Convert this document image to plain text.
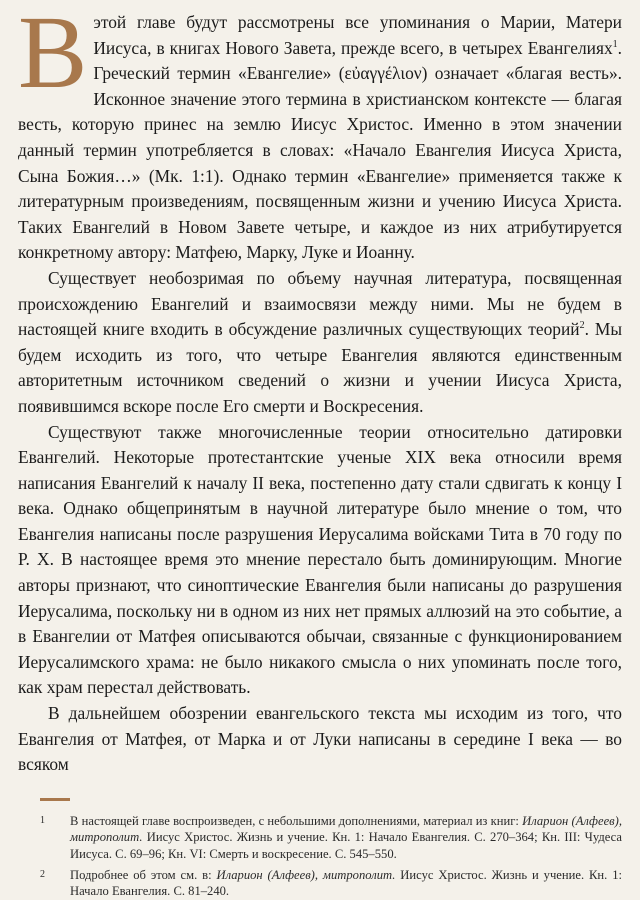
Вэтой главе будут рассмотрены все упоминания о Марии, Матери Иисуса, в книгах Нового Завета, прежде всего, в четырех Евангелиях$^1$. Греческий термин «Евангелие» (εὐαγγέλιον) означает «благая весть». Исконное значение этого термина в христианском контексте — благая весть, которую принес на землю Иисус Христос. Именно в этом значении данный термин употребляется в словах: «Начало Евангелия Иисуса Христа, Сына Божия…» (Мк. 1:1). Однако термин «Евангелие» применяется также к литературным произведениям, посвященным жизни и учению Иисуса Христа. Таких Евангелий в Новом Завете четыре, и каждое из них атрибутируется конкретному автору: Матфею, Марку, Луке и Иоанну.

Существует необозримая по объему научная литература, посвященная происхождению Евангелий и взаимосвязи между ними. Мы не будем в настоящей книге входить в обсуждение различных существующих теорий$^2$. Мы будем исходить из того, что четыре Евангелия являются единственным авторитетным источником сведений о жизни и учении Иисуса Христа, появившимся вскоре после Его смерти и Воскресения.

Существуют также многочисленные теории относительно датировки Евангелий. Некоторые протестантские ученые XIX века относили время написания Евангелий к началу II века, постепенно дату стали сдвигать к концу I века. Однако общепринятым в научной литературе было мнение о том, что Евангелия написаны после разрушения Иерусалима войсками Тита в 70 году по Р. Х. В настоящее время это мнение перестало быть доминирующим. Многие авторы признают, что синоптические Евангелия были написаны до разрушения Иерусалима, поскольку ни в одном из них нет прямых аллюзий на это событие, а в Евангелии от Матфея описываются обычаи, связанные с функционированием Иерусалимского храма: не было никакого смысла о них упоминать после того, как храм перестал действовать.

В дальнейшем обозрении евангельского текста мы исходим из того, что Евангелия от Матфея, от Марка и от Луки написаны в середине I века — во всяком

1	В настоящей главе воспроизведен, с небольшими дополнениями, материал из книг: Иларион (Алфеев), митрополит. Иисус Христос. Жизнь и учение. Кн. 1: Начало Евангелия. С. 270–364; Кн. III: Чудеса Иисуса. С. 69–96; Кн. VI: Смерть и воскресение. С. 545–550.
2	Подробнее об этом см. в: Иларион (Алфеев), митрополит. Иисус Христос. Жизнь и учение. Кн. 1: Начало Евангелия. С. 81–240.
